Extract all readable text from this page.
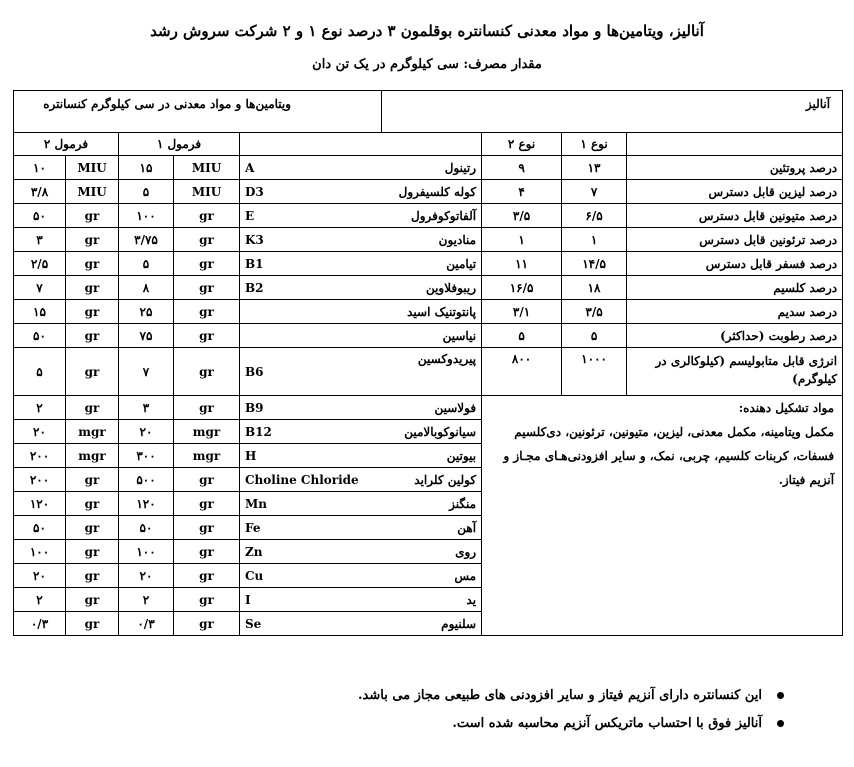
آنالیز، ویتامین‌ها و مواد معدنی کنسانتره بوقلمون ۳ درصد نوع ۱ و ۲ شرکت سروش رشد
مقدار مصرف: سی کیلوگرم در یک تن دان
ویتامین‌ها و مواد معدنی در سی کیلوگرم کنسانتره					آنالیز			
فرمول ۲		فرمول ۱				نوع ۲	نوع ۱	
۱۰	MIU	۱۵	MIU	A	رتینول	۹	۱۳	درصد پروتئین
۳/۸	MIU	۵	MIU	D3	کوله کلسیفرول	۴	۷	درصد لیزین قابل دسترس
۵۰	gr	۱۰۰	gr	E	آلفاتوکوفرول	۳/۵	۶/۵	درصد متیونین قابل دسترس
۳	gr	۳/۷۵	gr	K3	منادیون	۱	۱	درصد ترئونین قابل دسترس
۲/۵	gr	۵	gr	B1	تیامین	۱۱	۱۴/۵	درصد فسفر قابل دسترس
۷	gr	۸	gr	B2	ریبوفلاوین	۱۶/۵	۱۸	درصد کلسیم
۱۵	gr	۲۵	gr		پانتوتنیک اسید	۳/۱	۳/۵	درصد سدیم
۵۰	gr	۷۵	gr		نیاسین	۵	۵	درصد رطوبت (حداکثر)
۵	gr	۷	gr	B6	پیریدوکسین	۸۰۰	۱۰۰۰	انرژی قابل متابولیسم (کیلوکالری در کیلوگرم)
۲	gr	۳	gr	B9	فولاسین	مواد تشکیل دهنده:
مکمل ویتامینه، مکمل معدنی، لیزین، متیونین، ترئونین، دی‌کلسیم فسفات، کربنات کلسیم، چربی، نمک، و سایر افزودنی‌هـای مجـاز و آنزیم فیتاز.		

۲۰	mgr	۲۰	mgr	B12	سیانوکوبالامین			
۲۰۰	mgr	۳۰۰	mgr	H	بیوتین			
۲۰۰	gr	۵۰۰	gr	Choline Chloride	کولین کلراید			
۱۲۰	gr	۱۲۰	gr	Mn	منگنز			
۵۰	gr	۵۰	gr	Fe	آهن			
۱۰۰	gr	۱۰۰	gr	Zn	روی			
۲۰	gr	۲۰	gr	Cu	مس			
۲	gr	۲	gr	I	ید			
۰/۳	gr	۰/۳	gr	Se	سلنیوم			
این کنسانتره دارای آنزیم فیتاز و سایر افزودنی های طبیعی مجاز می باشد.
آنالیز فوق با احتساب ماتریکس آنزیم محاسبه شده است.
